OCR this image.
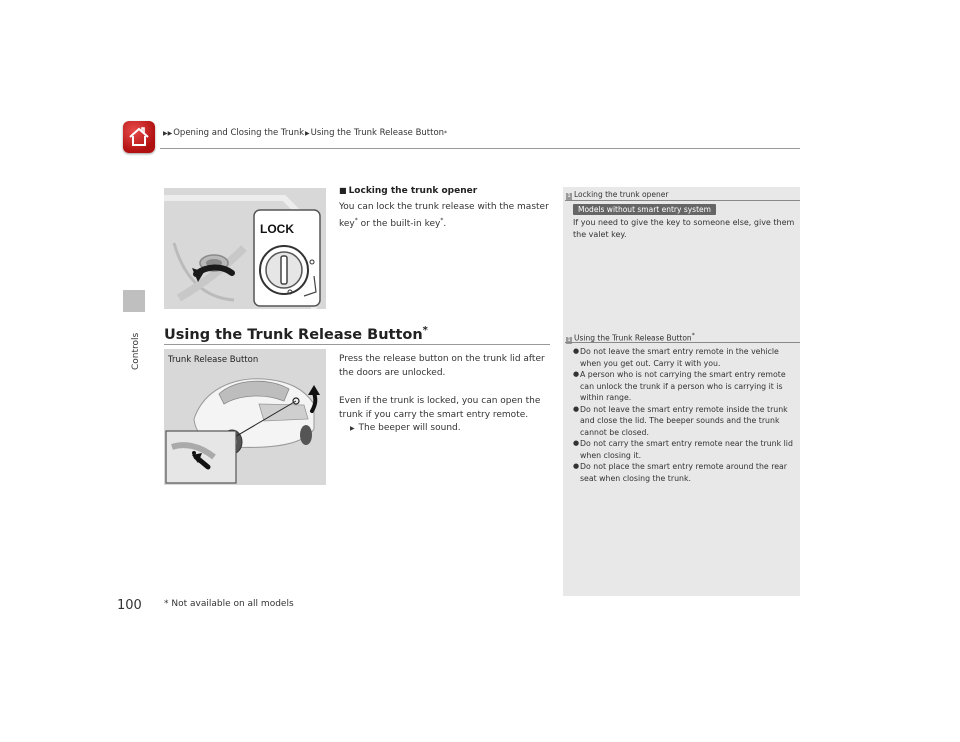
▶▶ Opening and Closing the Trunk ▶ Using the Trunk Release Button *
Controls
LOCK
■ Locking the trunk opener
You can lock the trunk release with the master key* or the built-in key*.
Using the Trunk Release Button*
Trunk Release Button	Press the release button on the trunk lid after the doors are unlocked.
Even if the trunk is locked, you can open the trunk if you carry the smart entry remote.
▶ The beeper will sound.
1 Locking the trunk opener
Models without smart entry system
If you need to give the key to someone else, give them the valet key.
1 Using the Trunk Release Button*
● Do not leave the smart entry remote in the vehicle when you get out. Carry it with you.
● A person who is not carrying the smart entry remote can unlock the trunk if a person who is carrying it is within range.
● Do not leave the smart entry remote inside the trunk and close the lid. The beeper sounds and the trunk cannot be closed.
● Do not carry the smart entry remote near the trunk lid when closing it.
● Do not place the smart entry remote around the rear seat when closing the trunk.
100 * Not available on all models
